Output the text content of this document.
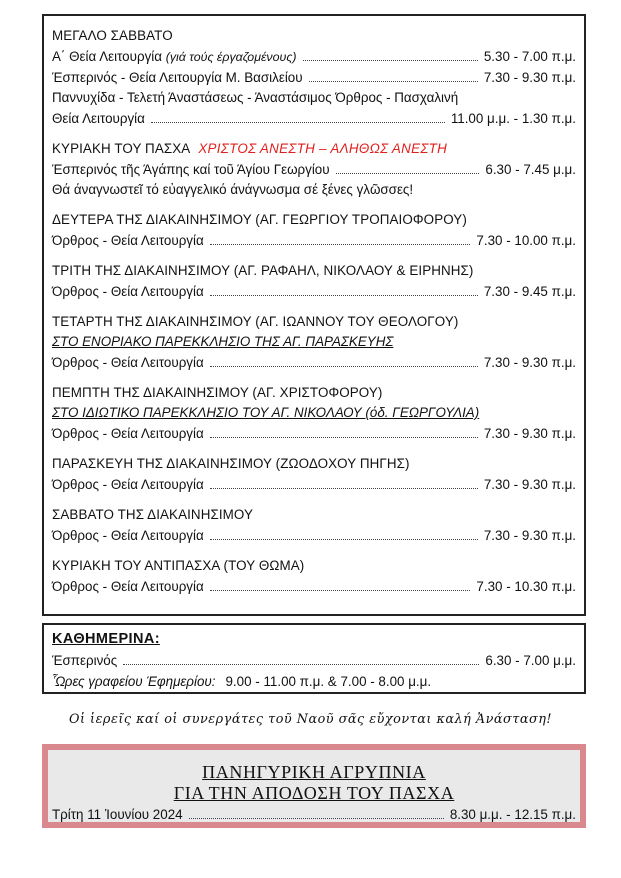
ΜΕΓΑΛΟ ΣΑΒΒΑΤΟ
Α΄ Θεία Λειτουργία (γιά τούς έργαζομένους)	5.30 - 7.00 π.μ.
Έσπερινός - Θεία Λειτουργία Μ. Βασιλείου	7.30 - 9.30 π.μ.
Παννυχίδα - Τελετή Άναστάσεως - Άναστάσιμος Όρθρος - Πασχαλινή
Θεία Λειτουργία	11.00 μ.μ. - 1.30 π.μ.
ΚΥΡΙΑΚΗ ΤΟΥ ΠΑΣΧΑ ΧΡΙΣΤΟΣ ΑΝΕΣΤΗ – ΑΛΗΘΩΣ ΑΝΕΣΤΗ
Έσπερινός τῆς Άγάπης καί τοῦ Άγίου Γεωργίου	6.30 - 7.45 μ.μ.
Θά άναγνωστεῖ τό εὐαγγελικό άνάγνωσμα σέ ξένες γλῶσσες!
ΔΕΥΤΕΡΑ ΤΗΣ ΔΙΑΚΑΙΝΗΣΙΜΟΥ (ΑΓ. ΓΕΩΡΓΙΟΥ ΤΡΟΠΑΙΟΦΟΡΟΥ)
Όρθρος - Θεία Λειτουργία	7.30 - 10.00 π.μ.
ΤΡΙΤΗ ΤΗΣ ΔΙΑΚΑΙΝΗΣΙΜΟΥ (ΑΓ. ΡΑΦΑΗΛ, ΝΙΚΟΛΑΟΥ & ΕΙΡΗΝΗΣ)
Όρθρος - Θεία Λειτουργία	7.30 - 9.45 π.μ.
ΤΕΤΑΡΤΗ ΤΗΣ ΔΙΑΚΑΙΝΗΣΙΜΟΥ (ΑΓ. ΙΩΑΝΝΟΥ ΤΟΥ ΘΕΟΛΟΓΟΥ)
ΣΤΟ ΕΝΟΡΙΑΚΟ ΠΑΡΕΚΚΛΗΣΙΟ ΤΗΣ ΑΓ. ΠΑΡΑΣΚΕΥΗΣ
Όρθρος - Θεία Λειτουργία	7.30 - 9.30 π.μ.
ΠΕΜΠΤΗ ΤΗΣ ΔΙΑΚΑΙΝΗΣΙΜΟΥ (ΑΓ. ΧΡΙΣΤΟΦΟΡΟΥ)
ΣΤΟ ΙΔΙΩΤΙΚΟ ΠΑΡΕΚΚΛΗΣΙΟ ΤΟΥ ΑΓ. ΝΙΚΟΛΑΟΥ (όδ. ΓΕΩΡΓΟΥΛΙΑ)
Όρθρος - Θεία Λειτουργία	7.30 - 9.30 π.μ.
ΠΑΡΑΣΚΕΥΗ ΤΗΣ ΔΙΑΚΑΙΝΗΣΙΜΟΥ (ΖΩΟΔΟΧΟΥ ΠΗΓΗΣ)
Όρθρος - Θεία Λειτουργία	7.30 - 9.30 π.μ.
ΣΑΒΒΑΤΟ ΤΗΣ ΔΙΑΚΑΙΝΗΣΙΜΟΥ
Όρθρος - Θεία Λειτουργία	7.30 - 9.30 π.μ.
ΚΥΡΙΑΚΗ ΤΟΥ ΑΝΤΙΠΑΣΧΑ (ΤΟΥ ΘΩΜΑ)
Όρθρος - Θεία Λειτουργία	7.30 - 10.30 π.μ.
ΚΑΘΗΜΕΡΙΝΑ:
Έσπερινός	6.30 - 7.00 μ.μ.
Ὧρες γραφείου Έφημερίου: 9.00 - 11.00 π.μ. & 7.00 - 8.00 μ.μ.
Οἱ ἱερεῖς καί οἱ συνεργάτες τοῦ Ναοῦ σᾶς εὔχονται καλή Ἀνάσταση!
ΠΑΝΗΓΥΡΙΚΗ ΑΓΡΥΠΝΙΑ
ΓΙΑ ΤΗΝ ΑΠΟΔΟΣΗ ΤΟΥ ΠΑΣΧΑ
Τρίτη 11 Ἰουνίου 2024	8.30 μ.μ. - 12.15 π.μ.
